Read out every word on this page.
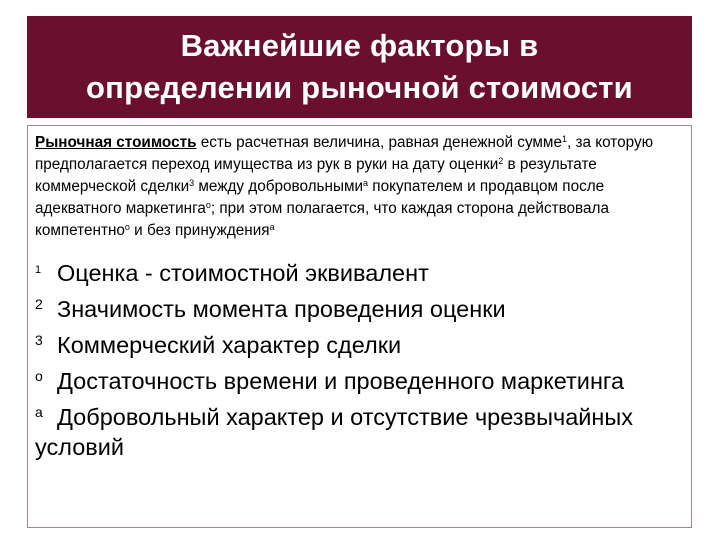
Важнейшие факторы в
определении рыночной стоимости

Рыночная стоимость есть расчетная величина, равная денежной сумме$^1$, за которую предполагается переход имущества из рук в руки на дату оценки$^2$ в результате коммерческой сделки$^3$ между добровольными$^a$ покупателем и продавцом после адекватного маркетинга$^o$; при этом полагается, что каждая сторона действовала компетентно$^o$ и без принуждения$^a$

1 Оценка - стоимостной эквивалент
2 Значимость момента проведения оценки
3 Коммерческий характер сделки
o Достаточность времени и проведенного маркетинга
a Добровольный характер и отсутствие чрезвычайных условий
